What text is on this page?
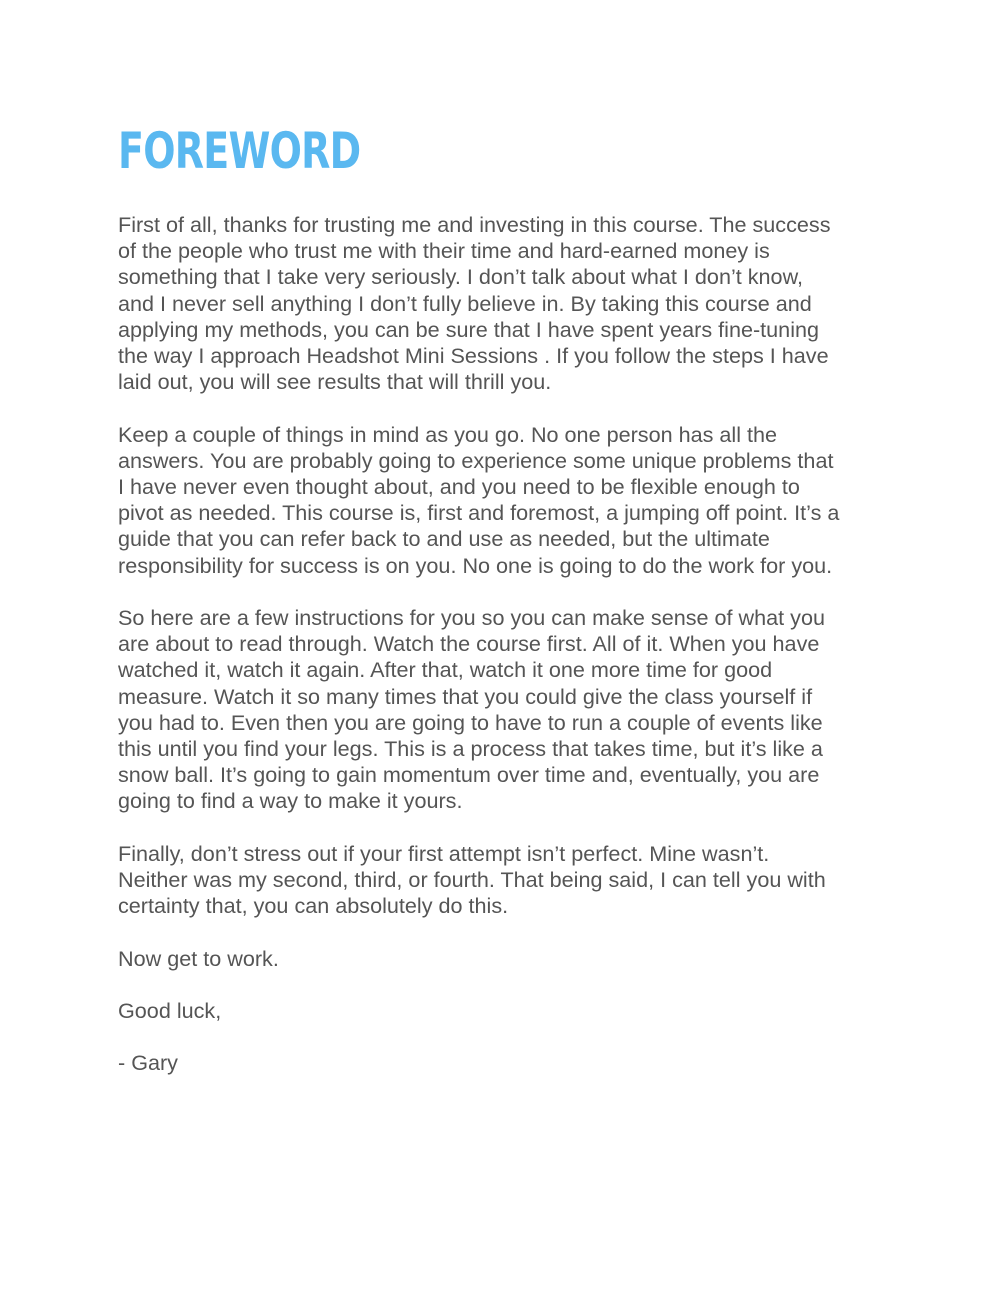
FOREWORD

First of all, thanks for trusting me and investing in this course. The success
of the people who trust me with their time and hard-earned money is
something that I take very seriously. I don’t talk about what I don’t know,
and I never sell anything I don’t fully believe in. By taking this course and
applying my methods, you can be sure that I have spent years fine-tuning
the way I approach Headshot Mini Sessions . If you follow the steps I have
laid out, you will see results that will thrill you.

Keep a couple of things in mind as you go. No one person has all the
answers. You are probably going to experience some unique problems that
I have never even thought about, and you need to be flexible enough to
pivot as needed. This course is, first and foremost, a jumping off point. It’s a
guide that you can refer back to and use as needed, but the ultimate
responsibility for success is on you. No one is going to do the work for you.

So here are a few instructions for you so you can make sense of what you
are about to read through. Watch the course first. All of it. When you have
watched it, watch it again. After that, watch it one more time for good
measure. Watch it so many times that you could give the class yourself if
you had to. Even then you are going to have to run a couple of events like
this until you find your legs. This is a process that takes time, but it’s like a
snow ball. It’s going to gain momentum over time and, eventually, you are
going to find a way to make it yours.

Finally, don’t stress out if your first attempt isn’t perfect. Mine wasn’t.
Neither was my second, third, or fourth. That being said, I can tell you with
certainty that, you can absolutely do this.

Now get to work.

Good luck,

- Gary
